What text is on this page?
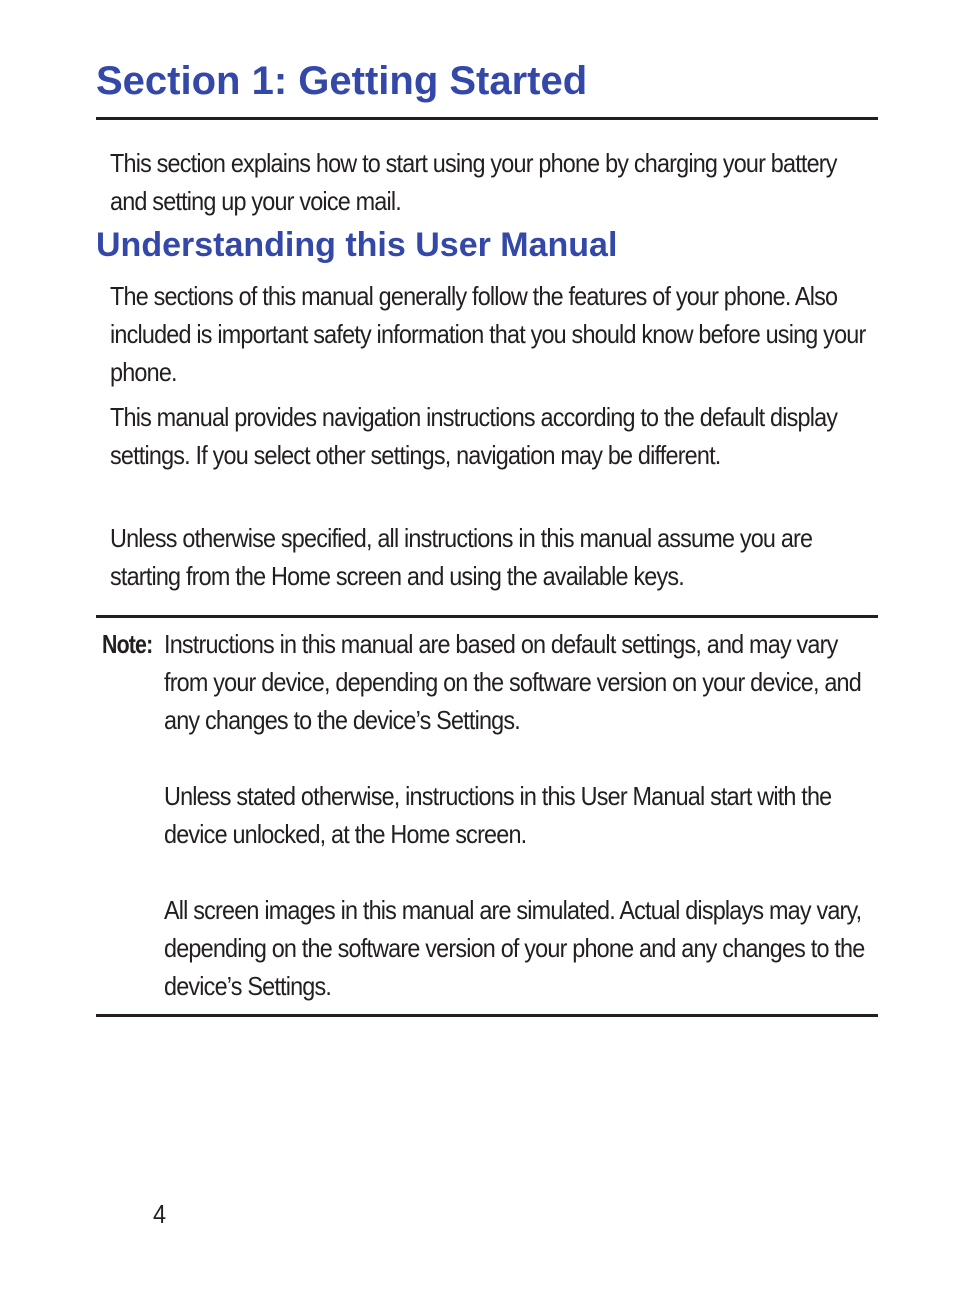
Section 1: Getting Started

This section explains how to start using your phone by charging your battery and setting up your voice mail.

Understanding this User Manual

The sections of this manual generally follow the features of your phone. Also included is important safety information that you should know before using your phone.

This manual provides navigation instructions according to the default display settings. If you select other settings, navigation may be different.

Unless otherwise specified, all instructions in this manual assume you are starting from the Home screen and using the available keys.

Note: Instructions in this manual are based on default settings, and may vary from your device, depending on the software version on your device, and any changes to the device’s Settings.

Unless stated otherwise, instructions in this User Manual start with the device unlocked, at the Home screen.

All screen images in this manual are simulated. Actual displays may vary, depending on the software version of your phone and any changes to the device’s Settings.

4
